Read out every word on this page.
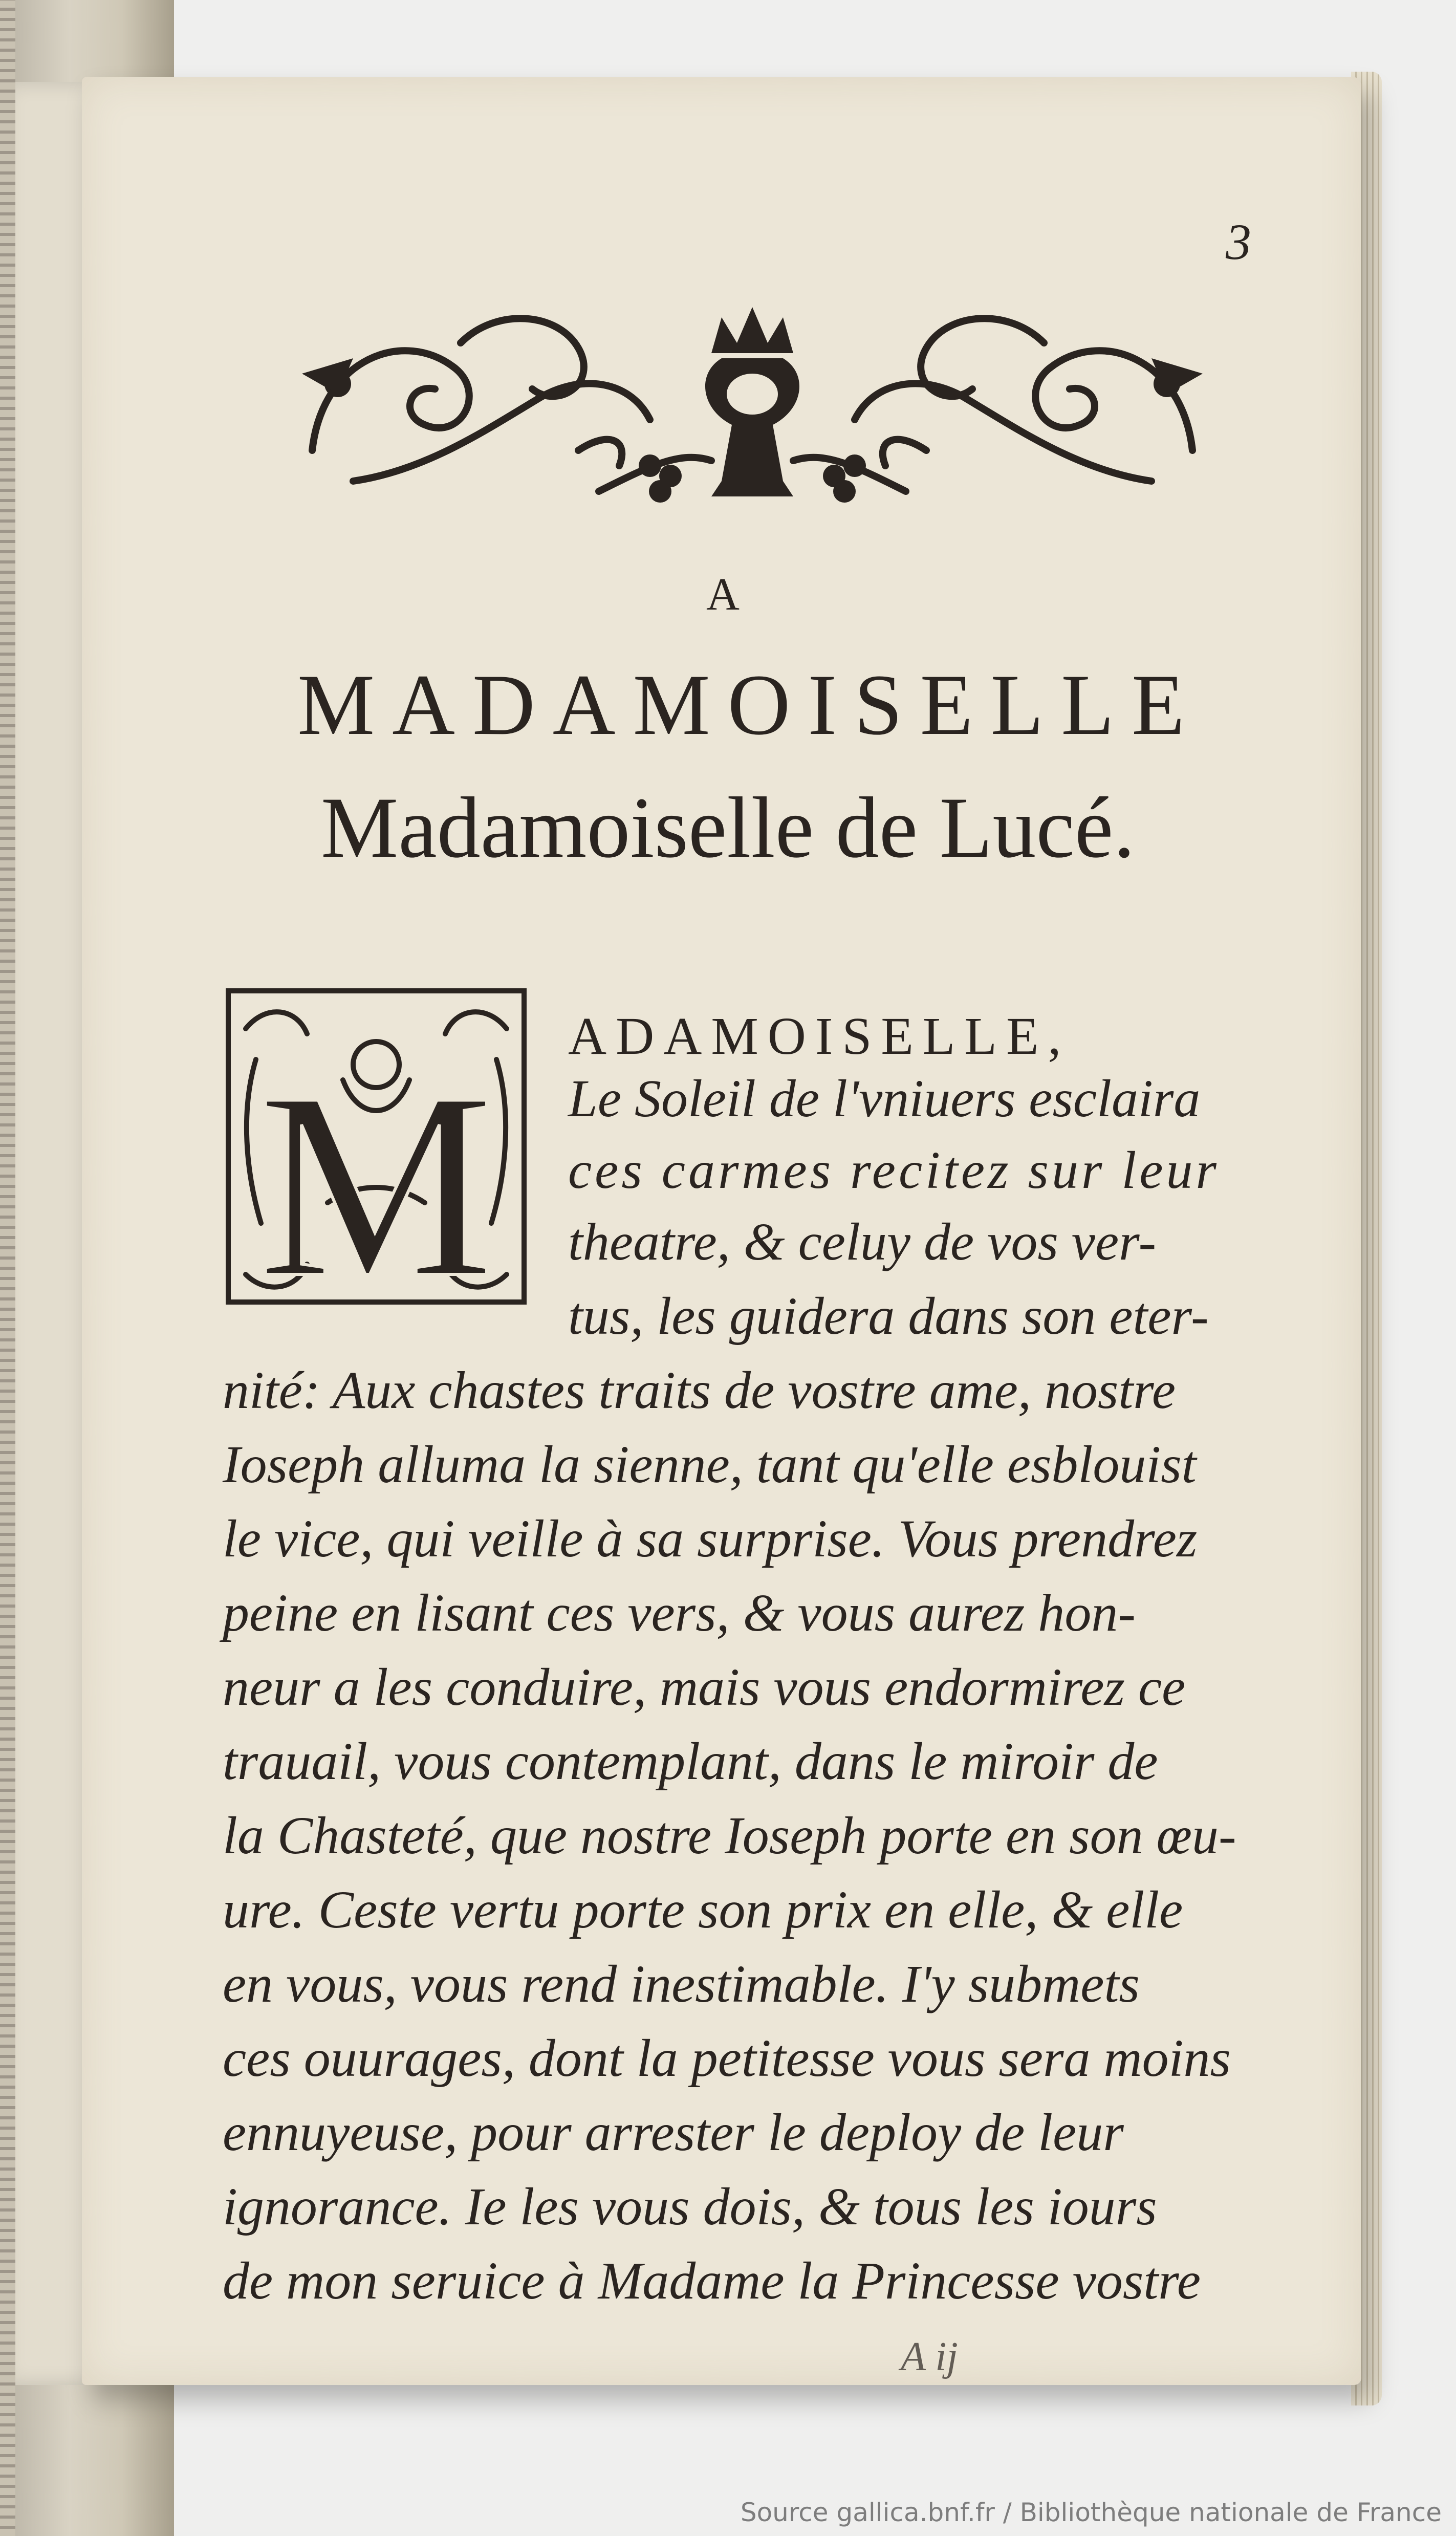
3
A
MADAMOISELLE
Madamoiselle de Lucé.
M
ADAMOISELLE,
Le Soleil de l'vniuers esclaira
ces carmes recitez sur leur
theatre, & celuy de vos ver-
tus, les guidera dans son eter-
nité: Aux chastes traits de vostre ame, nostre
Ioseph alluma la sienne, tant qu'elle esblouist
le vice, qui veille à sa surprise. Vous prendrez
peine en lisant ces vers, & vous aurez hon-
neur a les conduire, mais vous endormirez ce
trauail, vous contemplant, dans le miroir de
la Chasteté, que nostre Ioseph porte en son œu-
ure. Ceste vertu porte son prix en elle, & elle
en vous, vous rend inestimable. I'y submets
ces ouurages, dont la petitesse vous sera moins
ennuyeuse, pour arrester le deploy de leur
ignorance. Ie les vous dois, & tous les iours
de mon seruice à Madame la Princesse vostre
A ij
Source gallica.bnf.fr / Bibliothèque nationale de France
